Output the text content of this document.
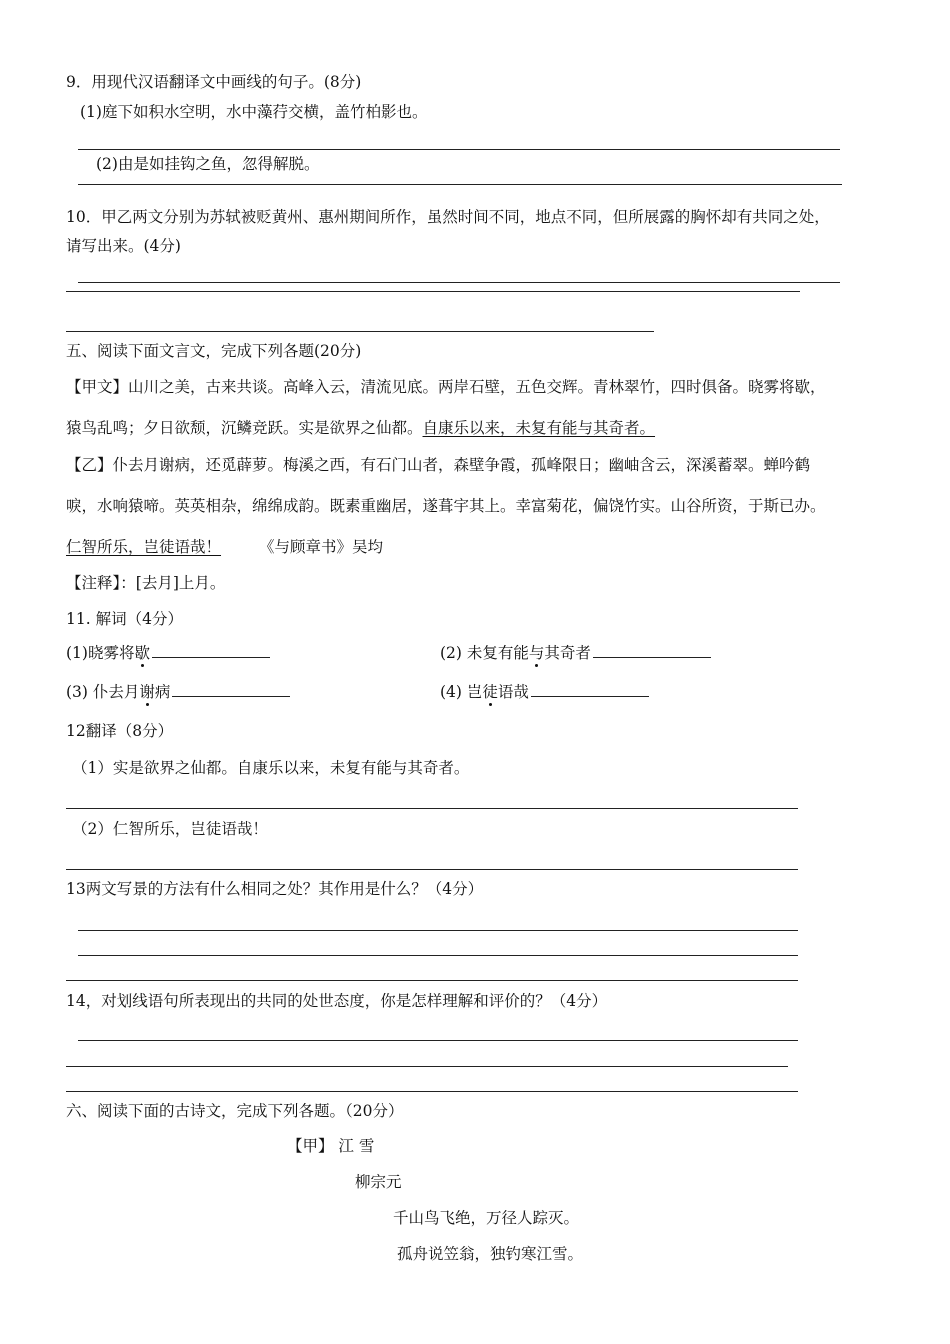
9．用现代汉语翻译文中画线的句子。(8分)
(1)庭下如积水空明，水中藻荇交横，盖竹柏影也。
(2)由是如挂钩之鱼，忽得解脱。
10．甲乙两文分别为苏轼被贬黄州、惠州期间所作，虽然时间不同，地点不同，但所展露的胸怀却有共同之处，
请写出来。(4分)
五、阅读下面文言文，完成下列各题(20分)
【甲文】山川之美，古来共谈。高峰入云，清流见底。两岸石壁，五色交辉。青林翠竹，四时俱备。晓雾将歇，
猿鸟乱鸣；夕日欲颓，沉鳞竞跃。实是欲界之仙都。自康乐以来，未复有能与其奇者。
【乙】仆去月谢病，还觅薜萝。梅溪之西，有石门山者，森壁争霞，孤峰限日；幽岫含云，深溪蓄翠。蝉吟鹤
唳，水响猿啼。英英相杂，绵绵成韵。既素重幽居，遂葺宇其上。幸富菊花，偏饶竹实。山谷所资，于斯已办。
仁智所乐，岂徒语哉！ 《与顾章书》吴均
【注释】：[去月]上月。
11. 解词（4分）
(1)晓雾将歇	(2) 未复有能与其奇者
(3) 仆去月谢病	(4) 岂徒语哉
12翻译（8分）
（1）实是欲界之仙都。自康乐以来，未复有能与其奇者。
（2）仁智所乐，岂徒语哉！
13两文写景的方法有什么相同之处？其作用是什么？（4分）
14，对划线语句所表现出的共同的处世态度，你是怎样理解和评价的？（4分）
六、阅读下面的古诗文，完成下列各题。（20分）
【甲】 江 雪
柳宗元
千山鸟飞绝，万径人踪灭。
孤舟说笠翁，独钓寒江雪。
